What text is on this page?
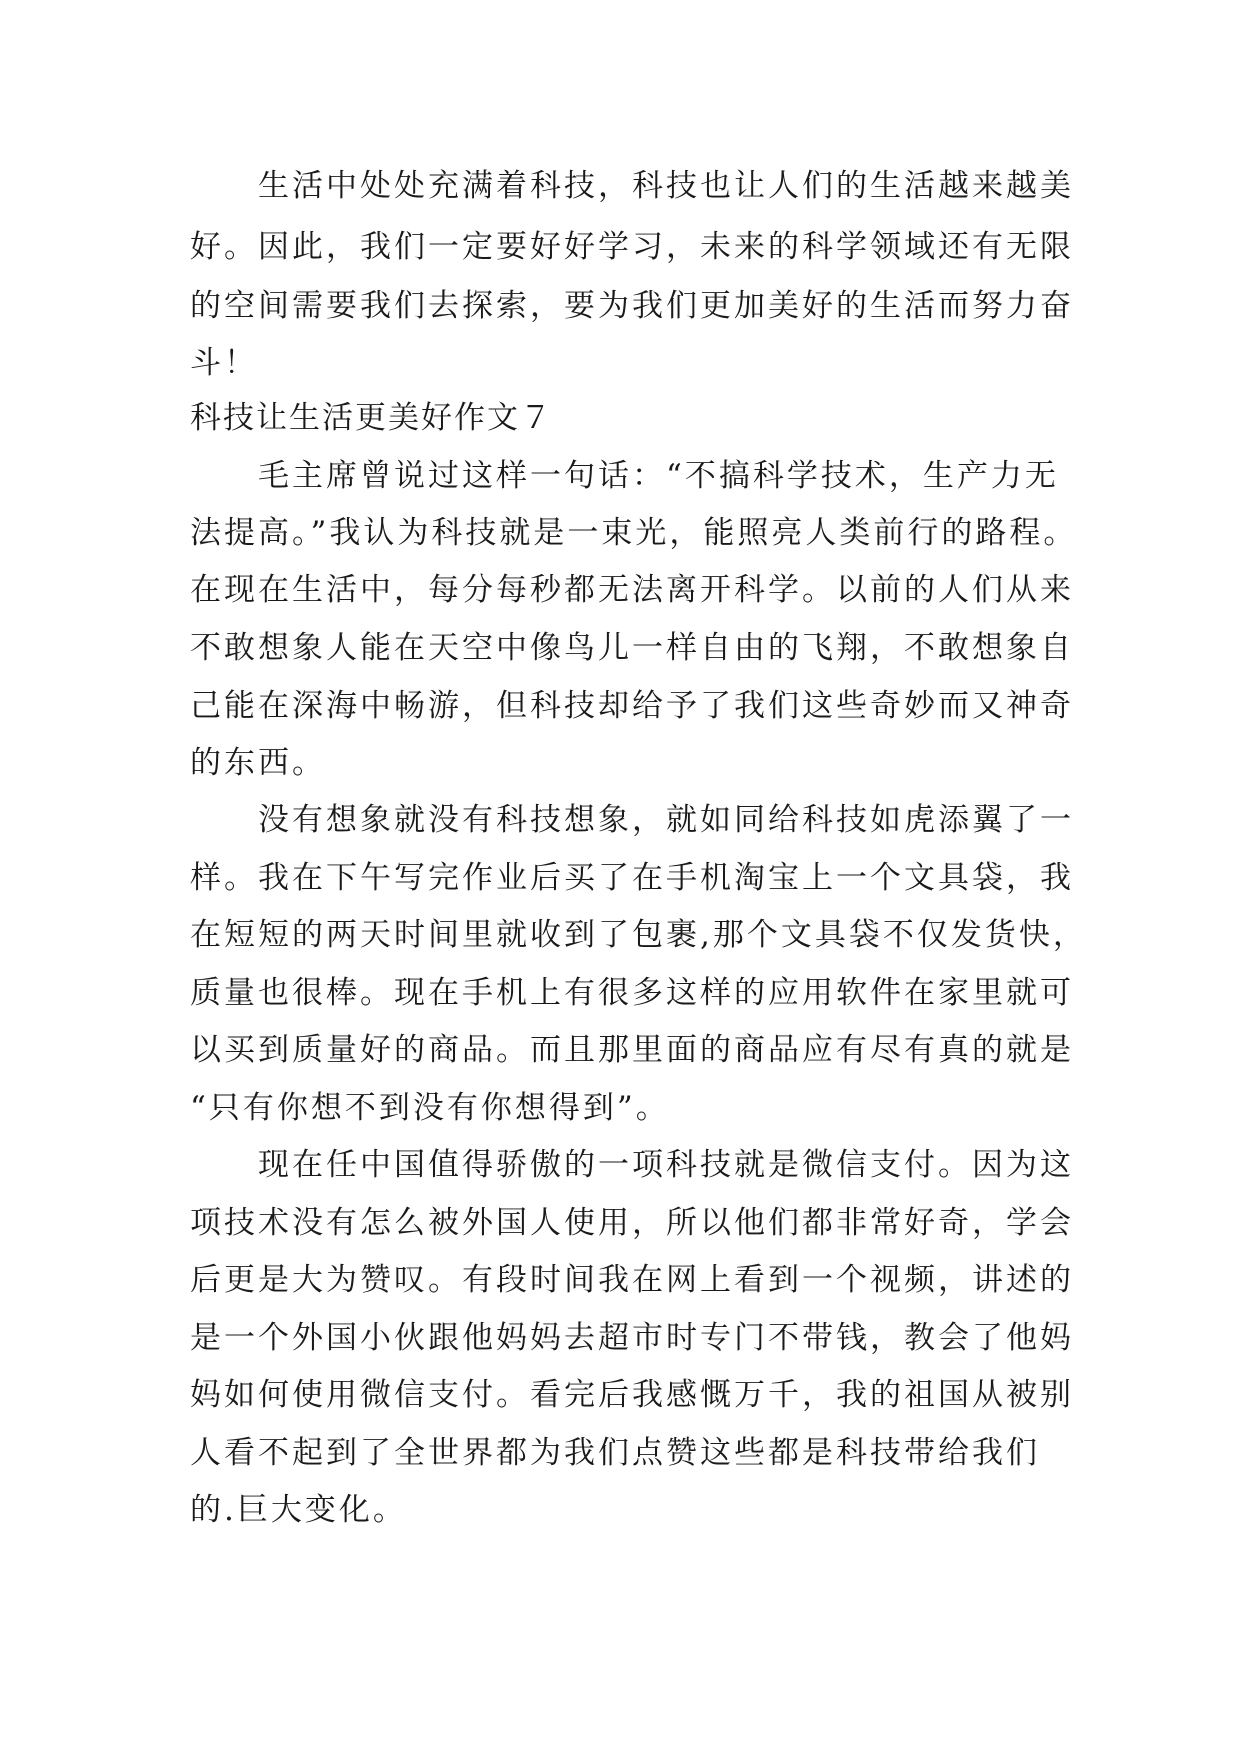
生活中处处充满着科技，科技也让人们的生活越来越美
好。因此，我们一定要好好学习，未来的科学领域还有无限
的空间需要我们去探索，要为我们更加美好的生活而努力奋
斗！
科技让生活更美好作文７
毛主席曾说过这样一句话：“不搞科学技术，生产力无
法提高。”我认为科技就是一束光，能照亮人类前行的路程。
在现在生活中，每分每秒都无法离开科学。以前的人们从来
不敢想象人能在天空中像鸟儿一样自由的飞翔，不敢想象自
己能在深海中畅游，但科技却给予了我们这些奇妙而又神奇
的东西。
没有想象就没有科技想象，就如同给科技如虎添翼了一
样。我在下午写完作业后买了在手机淘宝上一个文具袋，我
在短短的两天时间里就收到了包裹,那个文具袋不仅发货快，
质量也很棒。现在手机上有很多这样的应用软件在家里就可
以买到质量好的商品。而且那里面的商品应有尽有真的就是
“只有你想不到没有你想得到”。
现在任中国值得骄傲的一项科技就是微信支付。因为这
项技术没有怎么被外国人使用，所以他们都非常好奇，学会
后更是大为赞叹。有段时间我在网上看到一个视频，讲述的
是一个外国小伙跟他妈妈去超市时专门不带钱，教会了他妈
妈如何使用微信支付。看完后我感慨万千，我的祖国从被别
人看不起到了全世界都为我们点赞这些都是科技带给我们
的.巨大变化。
